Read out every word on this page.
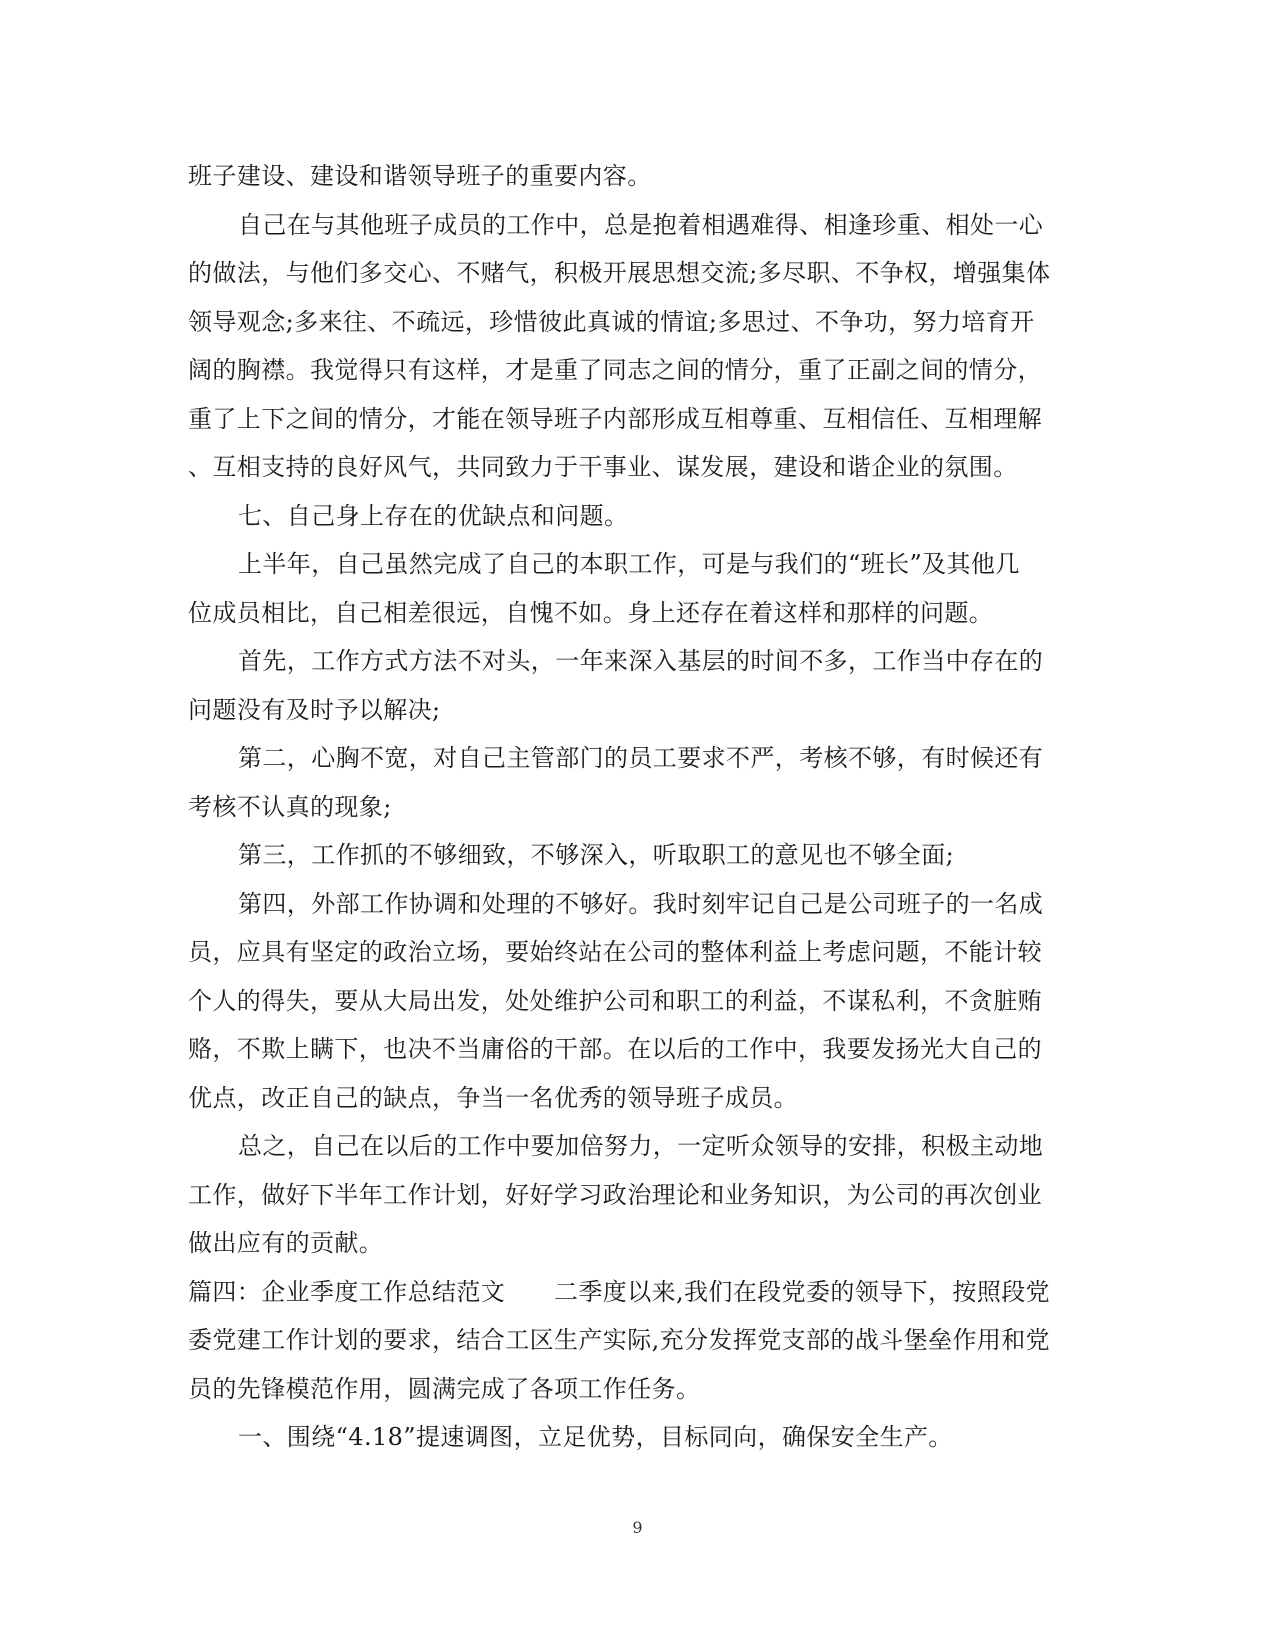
班子建设、建设和谐领导班子的重要内容。
自己在与其他班子成员的工作中，总是抱着相遇难得、相逢珍重、相处一心
的做法，与他们多交心、不赌气，积极开展思想交流;多尽职、不争权，增强集体
领导观念;多来往、不疏远，珍惜彼此真诚的情谊;多思过、不争功，努力培育开
阔的胸襟。我觉得只有这样，才是重了同志之间的情分，重了正副之间的情分，
重了上下之间的情分，才能在领导班子内部形成互相尊重、互相信任、互相理解
、互相支持的良好风气，共同致力于干事业、谋发展，建设和谐企业的氛围。
七、自己身上存在的优缺点和问题。
上半年，自己虽然完成了自己的本职工作，可是与我们的“班长”及其他几
位成员相比，自己相差很远，自愧不如。身上还存在着这样和那样的问题。
首先，工作方式方法不对头，一年来深入基层的时间不多，工作当中存在的
问题没有及时予以解决;
第二，心胸不宽，对自己主管部门的员工要求不严，考核不够，有时候还有
考核不认真的现象;
第三，工作抓的不够细致，不够深入，听取职工的意见也不够全面;
第四，外部工作协调和处理的不够好。我时刻牢记自己是公司班子的一名成
员，应具有坚定的政治立场，要始终站在公司的整体利益上考虑问题，不能计较
个人的得失，要从大局出发，处处维护公司和职工的利益，不谋私利，不贪脏贿
赂，不欺上瞒下，也决不当庸俗的干部。在以后的工作中，我要发扬光大自己的
优点，改正自己的缺点，争当一名优秀的领导班子成员。
总之，自己在以后的工作中要加倍努力，一定听众领导的安排，积极主动地
工作，做好下半年工作计划，好好学习政治理论和业务知识，为公司的再次创业
做出应有的贡献。
篇四：企业季度工作总结范文　　二季度以来,我们在段党委的领导下，按照段党
委党建工作计划的要求，结合工区生产实际,充分发挥党支部的战斗堡垒作用和党
员的先锋模范作用，圆满完成了各项工作任务。
一、围绕“4.18”提速调图，立足优势，目标同向，确保安全生产。
9
